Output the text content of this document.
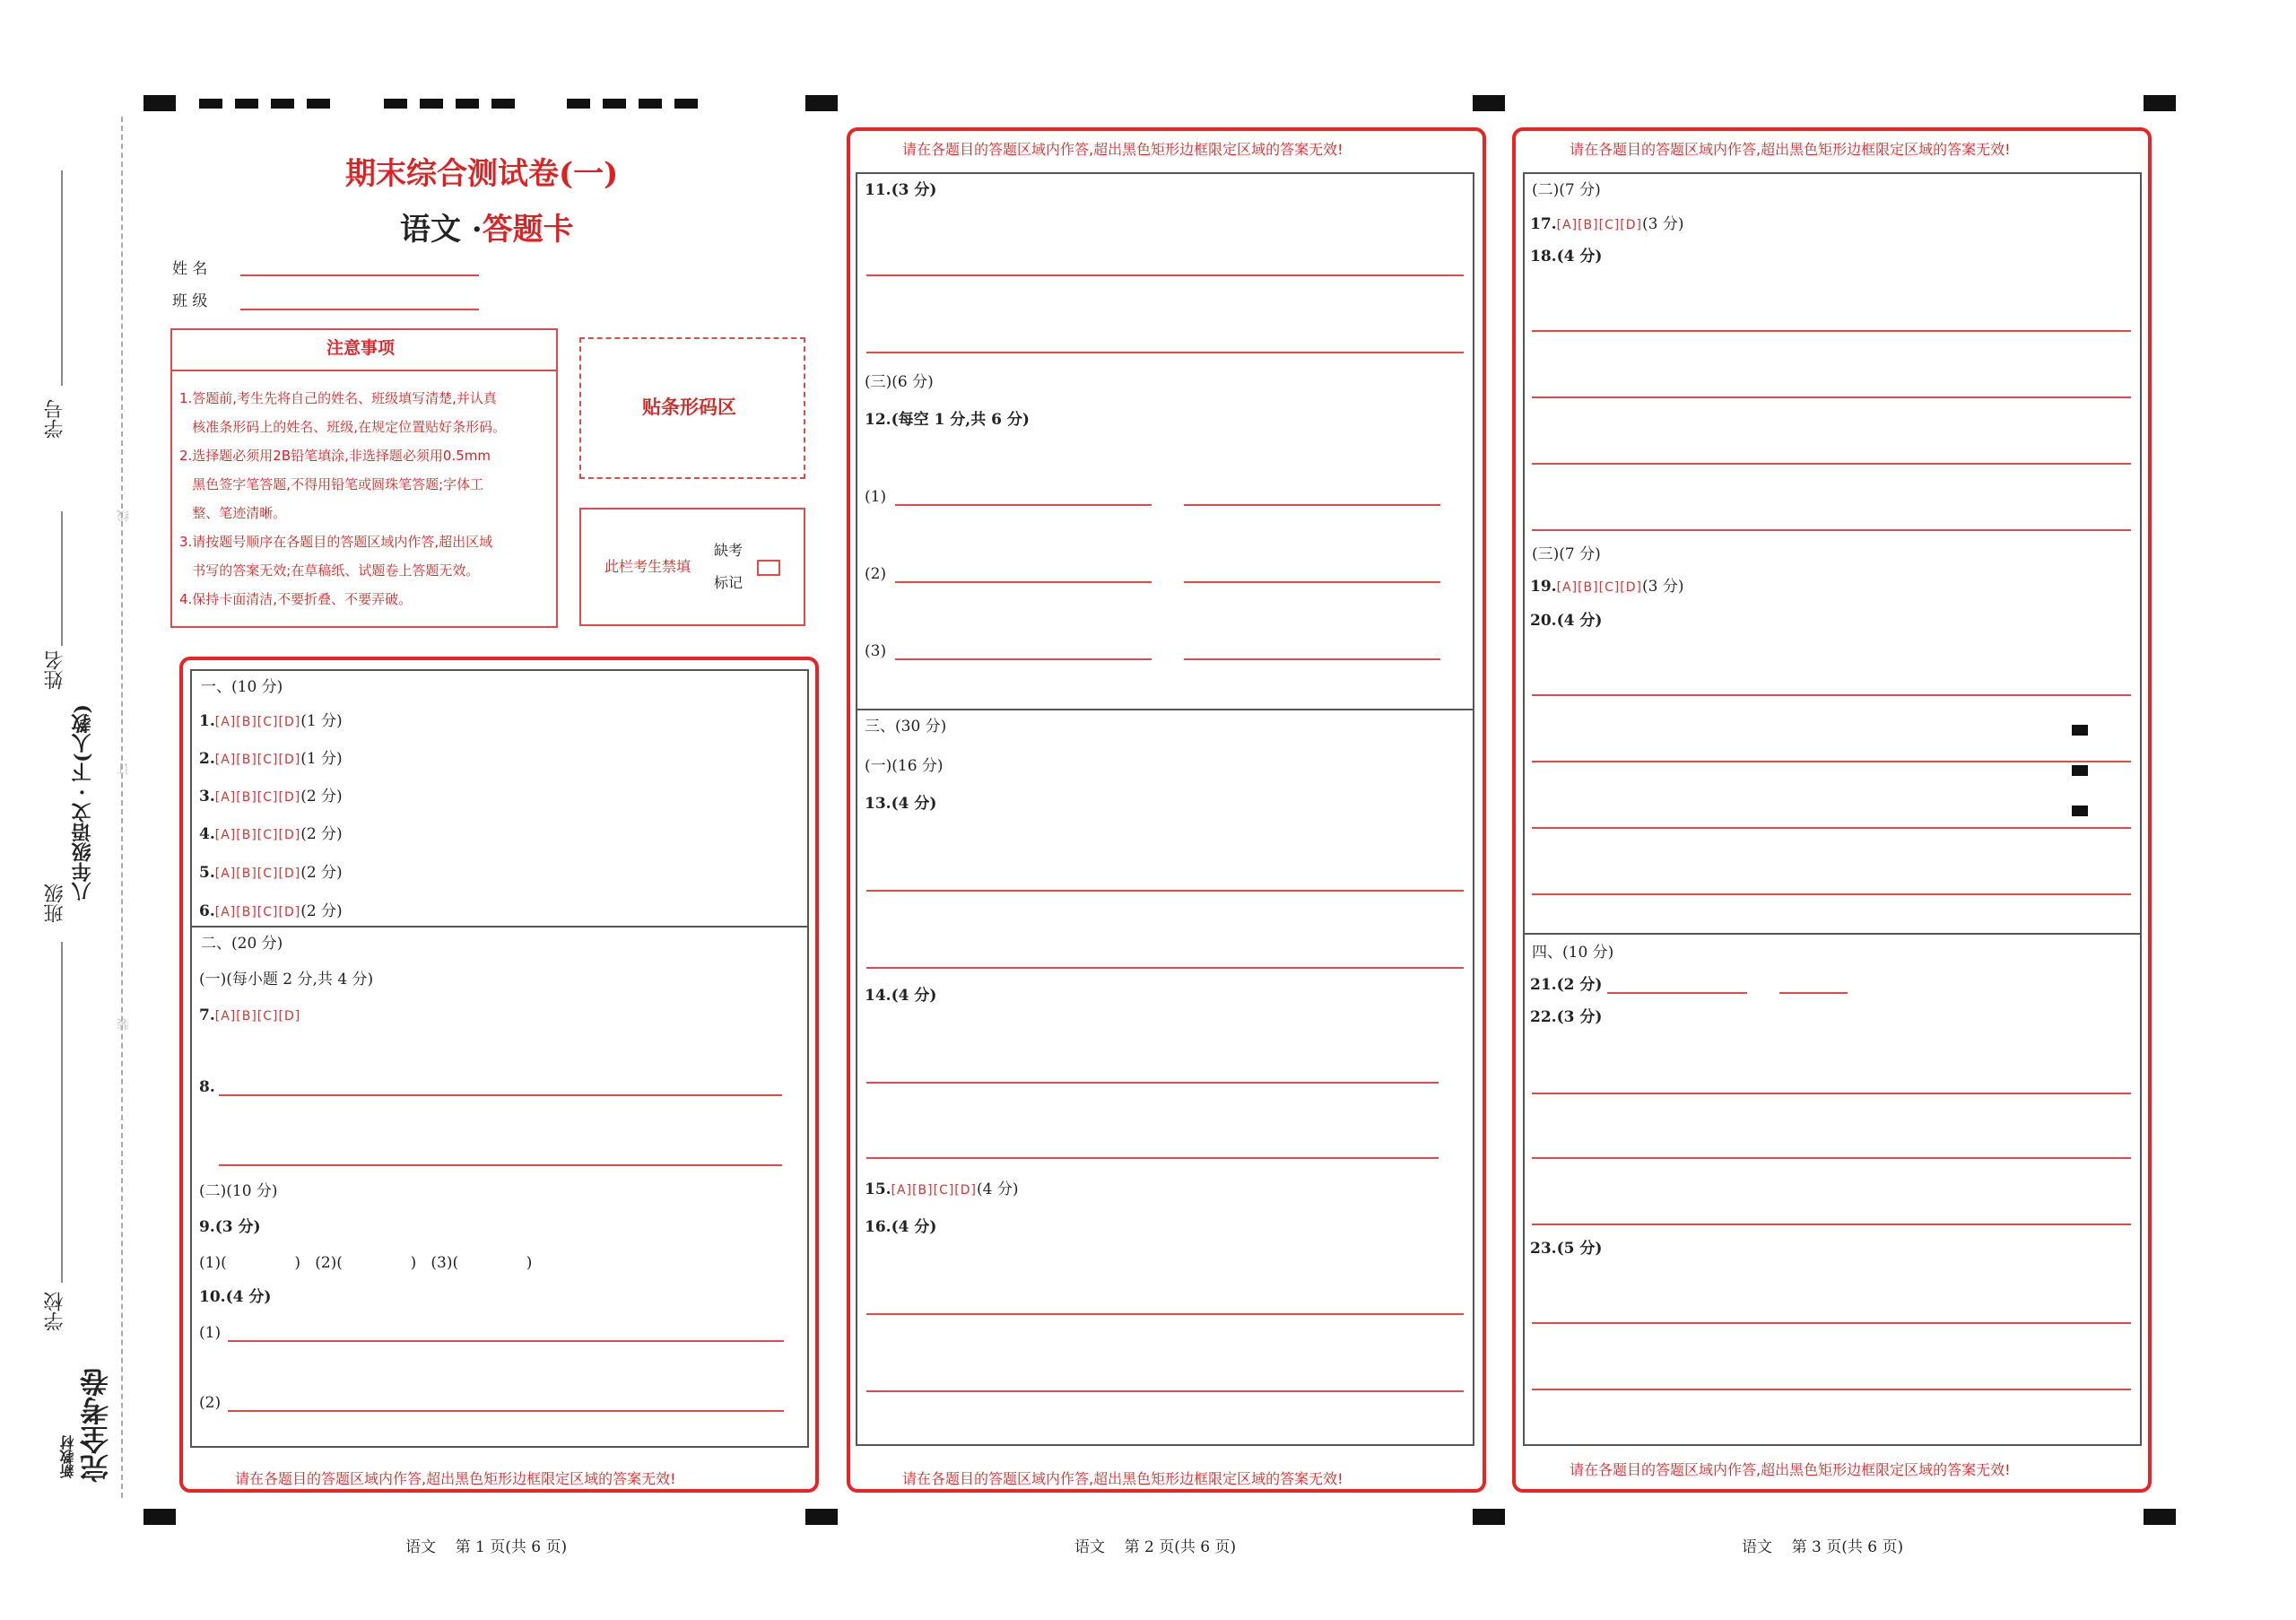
学号
姓名
班级
学校
八年级语文 · 下(人教)
线
订
装
新教材 完全考卷
期末综合测试卷(一)
语文 ·答题卡
姓 名
班 级
注意事项
1.答题前,考生先将自己的姓名、班级填写清楚,并认真
核准条形码上的姓名、班级,在规定位置贴好条形码。
2.选择题必须用2B铅笔填涂,非选择题必须用0.5mm
黑色签字笔答题,不得用铅笔或圆珠笔答题;字体工
整、笔迹清晰。
3.请按题号顺序在各题目的答题区域内作答,超出区域
书写的答案无效;在草稿纸、试题卷上答题无效。
4.保持卡面清洁,不要折叠、不要弄破。
贴条形码区
此栏考生禁填
缺考
标记
请在各题目的答题区域内作答,超出黑色矩形边框限定区域的答案无效!
一、(10 分)
1.[A][B][C][D](1 分)
2.[A][B][C][D](1 分)
3.[A][B][C][D](2 分)
4.[A][B][C][D](2 分)
5.[A][B][C][D](2 分)
6.[A][B][C][D](2 分)
二、(20 分)
(一)(每小题 2 分,共 4 分)
7.[A][B][C][D]
8.
(二)(10 分)
9.(3 分)
(1)(              )   (2)(              )   (3)(              )
10.(4 分)
(1)
(2)
语文    第 1 页(共 6 页)
请在各题目的答题区域内作答,超出黑色矩形边框限定区域的答案无效!
请在各题目的答题区域内作答,超出黑色矩形边框限定区域的答案无效!
11.(3 分)
(三)(6 分)
12.(每空 1 分,共 6 分)
(1)
(2)
(3)
三、(30 分)
(一)(16 分)
13.(4 分)
14.(4 分)
15.[A][B][C][D](4 分)
16.(4 分)
语文    第 2 页(共 6 页)
请在各题目的答题区域内作答,超出黑色矩形边框限定区域的答案无效!
请在各题目的答题区域内作答,超出黑色矩形边框限定区域的答案无效!
(二)(7 分)
17.[A][B][C][D](3 分)
18.(4 分)
(三)(7 分)
19.[A][B][C][D](3 分)
20.(4 分)
四、(10 分)
21.(2 分)
22.(3 分)
23.(5 分)
语文    第 3 页(共 6 页)
